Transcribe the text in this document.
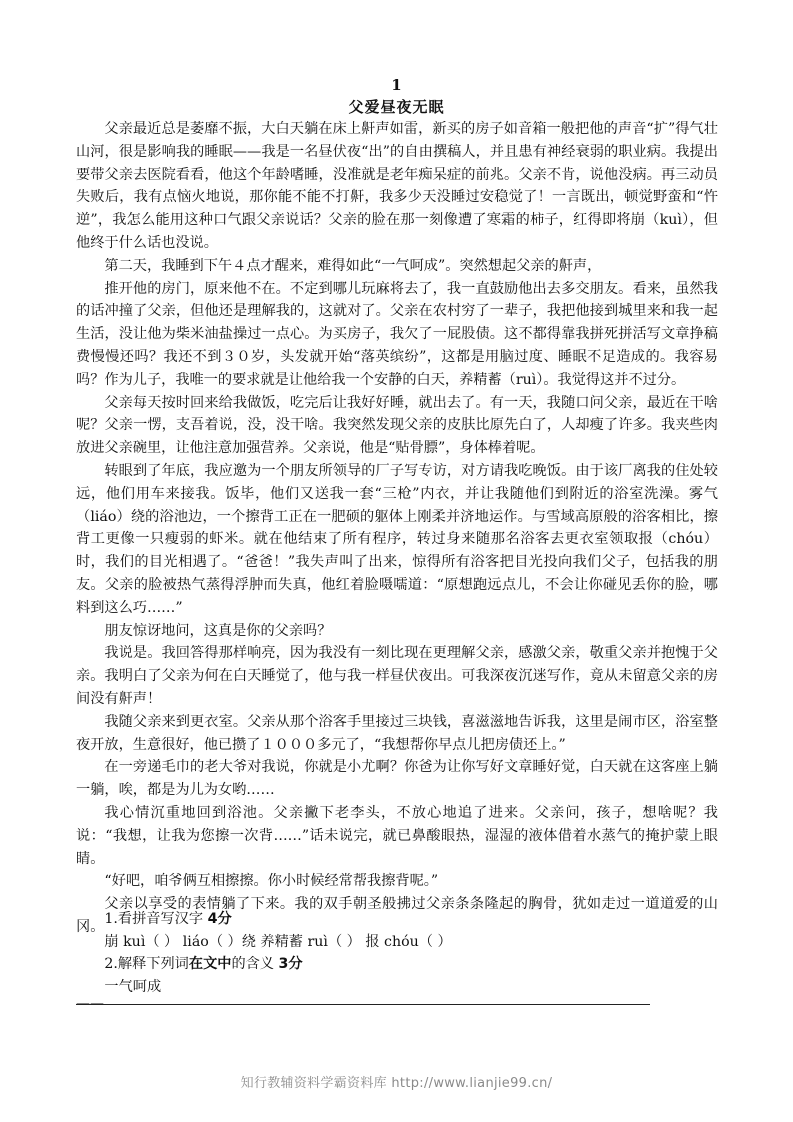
1
父爱昼夜无眠

父亲最近总是萎靡不振，大白天躺在床上鼾声如雷，新买的房子如音箱一般把他的声音“扩”得气壮山河，很是影响我的睡眠——我是一名昼伏夜“出”的自由撰稿人，并且患有神经衰弱的职业病。我提出要带父亲去医院看看，他这个年龄嗜睡，没准就是老年痴呆症的前兆。父亲不肯，说他没病。再三动员失败后，我有点恼火地说，那你能不能不打鼾，我多少天没睡过安稳觉了！一言既出，顿觉野蛮和“忤逆”，我怎么能用这种口气跟父亲说话？父亲的脸在那一刻像遭了寒霜的柿子，红得即将崩（kuì），但他终于什么话也没说。

第二天，我睡到下午４点才醒来，难得如此“一气呵成”。突然想起父亲的鼾声，

推开他的房门，原来他不在。不定到哪儿玩麻将去了，我一直鼓励他出去多交朋友。看来，虽然我的话冲撞了父亲，但他还是理解我的，这就对了。父亲在农村穷了一辈子，我把他接到城里来和我一起生活，没让他为柴米油盐操过一点心。为买房子，我欠了一屁股债。这不都得靠我拼死拼活写文章挣稿费慢慢还吗？我还不到３０岁，头发就开始“落英缤纷”，这都是用脑过度、睡眠不足造成的。我容易吗？作为儿子，我唯一的要求就是让他给我一个安静的白天，养精蓄（ruì）。我觉得这并不过分。

父亲每天按时回来给我做饭，吃完后让我好好睡，就出去了。有一天，我随口问父亲，最近在干啥呢？父亲一愣，支吾着说，没，没干啥。我突然发现父亲的皮肤比原先白了，人却瘦了许多。我夹些肉放进父亲碗里，让他注意加强营养。父亲说，他是“贴骨膘”，身体棒着呢。

转眼到了年底，我应邀为一个朋友所领导的厂子写专访，对方请我吃晚饭。由于该厂离我的住处较远，他们用车来接我。饭毕，他们又送我一套“三枪”内衣，并让我随他们到附近的浴室洗澡。雾气（liáo）绕的浴池边，一个擦背工正在一肥硕的躯体上刚柔并济地运作。与雪域高原般的浴客相比，擦背工更像一只瘦弱的虾米。就在他结束了所有程序，转过身来随那名浴客去更衣室领取报（chóu）时，我们的目光相遇了。“爸爸！”我失声叫了出来，惊得所有浴客把目光投向我们父子，包括我的朋友。父亲的脸被热气蒸得浮肿而失真，他红着脸嗫嚅道：“原想跑远点儿，不会让你碰见丢你的脸，哪料到这么巧……”

朋友惊讶地问，这真是你的父亲吗？

我说是。我回答得那样响亮，因为我没有一刻比现在更理解父亲，感激父亲，敬重父亲并抱愧于父亲。我明白了父亲为何在白天睡觉了，他与我一样昼伏夜出。可我深夜沉迷写作，竟从未留意父亲的房间没有鼾声！

我随父亲来到更衣室。父亲从那个浴客手里接过三块钱，喜滋滋地告诉我，这里是闹市区，浴室整夜开放，生意很好，他已攒了１０００多元了，“我想帮你早点儿把房债还上。”

在一旁递毛巾的老大爷对我说，你就是小尤啊？你爸为让你写好文章睡好觉，白天就在这客座上躺一躺，唉，都是为儿为女哟……

我心情沉重地回到浴池。父亲撇下老李头，不放心地追了进来。父亲问，孩子，想啥呢？我说：“我想，让我为您擦一次背……”话未说完，就已鼻酸眼热，湿湿的液体借着水蒸气的掩护蒙上眼睛。

“好吧，咱爷俩互相擦擦。你小时候经常帮我擦背呢。”

父亲以享受的表情躺了下来。我的双手朝圣般拂过父亲条条隆起的胸骨，犹如走过一道道爱的山冈。 1.看拼音写汉字 4分
崩 kuì（ ） liáo（ ）绕 养精蓄 ruì（ ） 报 chóu（ ）
2.解释下列词在文中的含义 3分
一气呵成
——
知行教辅资料学霸资料库 http://www.lianjie99.cn/
